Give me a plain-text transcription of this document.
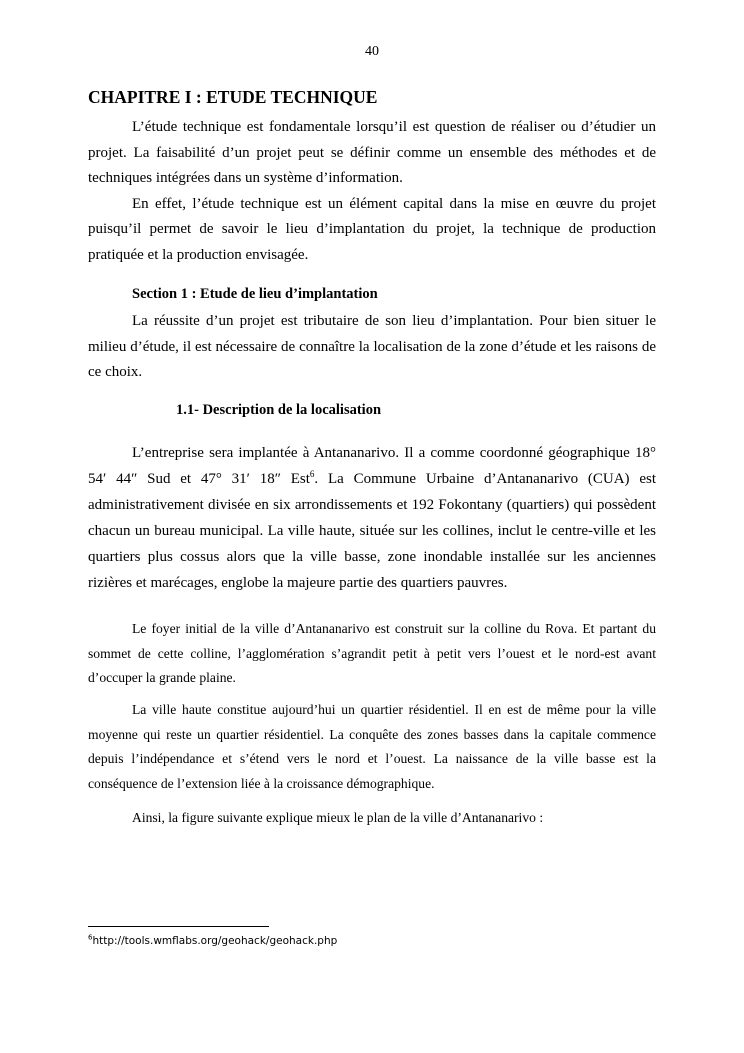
40
CHAPITRE I : ETUDE TECHNIQUE

L’étude technique est fondamentale lorsqu’il est question de réaliser ou d’étudier un projet. La faisabilité d’un projet peut se définir comme un ensemble des méthodes et de techniques intégrées dans un système d’information.

En effet, l’étude technique est un élément capital dans la mise en œuvre du projet puisqu’il permet de savoir le lieu d’implantation du projet, la technique de production pratiquée et la production envisagée.

Section 1 : Etude de lieu d’implantation

La réussite d’un projet est tributaire de son lieu d’implantation. Pour bien situer le milieu d’étude, il est nécessaire de connaître la localisation de la zone d’étude et les raisons de ce choix.

1.1- Description de la localisation

L’entreprise sera implantée à Antananarivo. Il a comme coordonné géographique 18° 54′ 44″ Sud et 47° 31′ 18″ Est$^6$. La Commune Urbaine d’Antananarivo (CUA) est administrativement divisée en six arrondissements et 192 Fokontany (quartiers) qui possèdent chacun un bureau municipal. La ville haute, située sur les collines, inclut le centre-ville et les quartiers plus cossus alors que la ville basse, zone inondable installée sur les anciennes rizières et marécages, englobe la majeure partie des quartiers pauvres.

Le foyer initial de la ville d’Antananarivo est construit sur la colline du Rova. Et partant du sommet de cette colline, l’agglomération s’agrandit petit à petit vers l’ouest et le nord-est avant d’occuper la grande plaine.

La ville haute constitue aujourd’hui un quartier résidentiel. Il en est de même pour la ville moyenne qui reste un quartier résidentiel. La conquête des zones basses dans la capitale commence depuis l’indépendance et s’étend vers le nord et l’ouest. La naissance de la ville basse est la conséquence de l’extension liée à la croissance démographique.

Ainsi, la figure suivante explique mieux le plan de la ville d’Antananarivo :

$^6$http://tools.wmflabs.org/geohack/geohack.php
